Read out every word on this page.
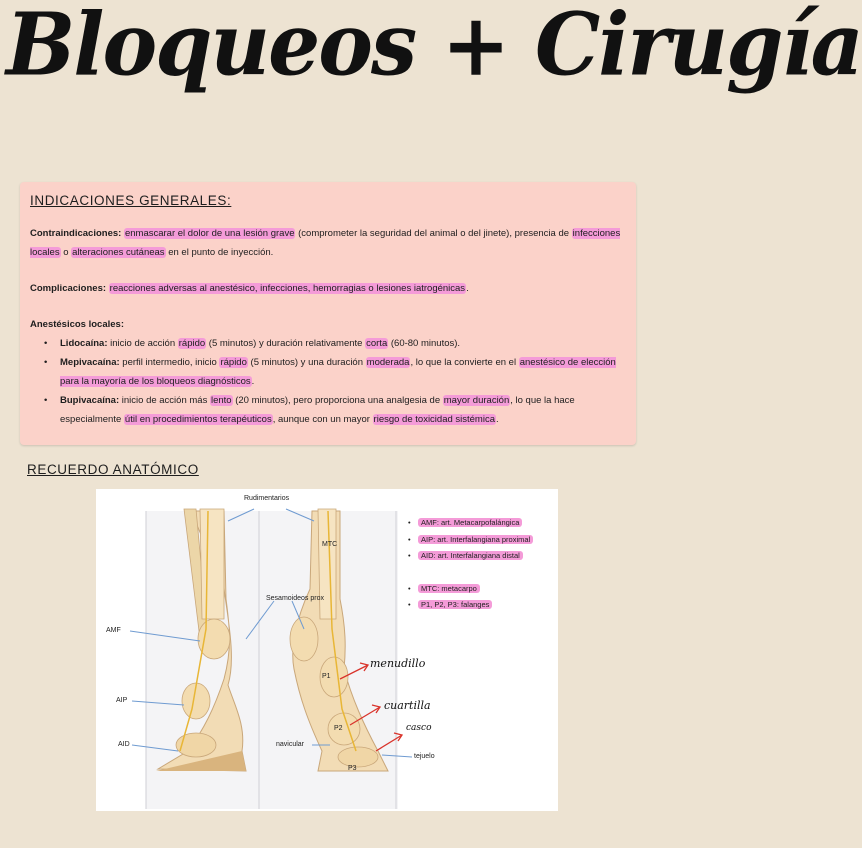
Bloqueos + Cirugía
INDICACIONES GENERALES:

Contraindicaciones: enmascarar el dolor de una lesión grave (comprometer la seguridad del animal o del jinete), presencia de infecciones locales o alteraciones cutáneas en el punto de inyección.

Complicaciones: reacciones adversas al anestésico, infecciones, hemorragias o lesiones iatrogénicas.

Anestésicos locales:

• Lidocaína: inicio de acción rápido (5 minutos) y duración relativamente corta (60-80 minutos).
• Mepivacaína: perfil intermedio, inicio rápido (5 minutos) y una duración moderada, lo que la convierte en el anestésico de elección para la mayoría de los bloqueos diagnósticos.
• Bupivacaína: inicio de acción más lento (20 minutos), pero proporciona una analgesia de mayor duración, lo que la hace especialmente útil en procedimientos terapéuticos, aunque con un mayor riesgo de toxicidad sistémica.
RECUERDO ANATÓMICO
Rudimentarios
MTC
Sesamoideos prox
AMF
AIP
AID
P1
P2
P3
navicular
tejuelo
menudillo
cuartilla
casco
• AMF: art. Metacarpofalángica
• AIP: art. Interfalangiana proximal
• AID: art. Interfalangiana distal

• MTC: metacarpo
• P1, P2, P3: falanges
